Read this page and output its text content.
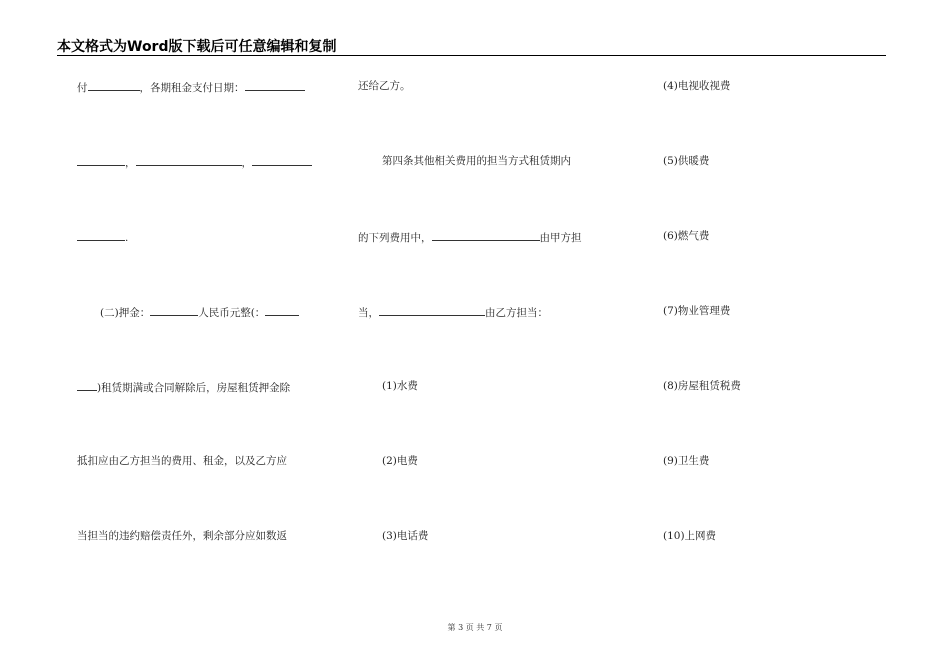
本文格式为Word版下载后可任意编辑和复制
付	，各期租金支付日期：
，	，
.
(二)押金：	人民币元整(：
)租赁期满或合同解除后，房屋租赁押金除
抵扣应由乙方担当的费用、租金，以及乙方应
当担当的违约赔偿责任外，剩余部分应如数返
还给乙方。
第四条其他相关费用的担当方式租赁期内
的下列费用中，	由甲方担
当，	由乙方担当：
(1)水费
(2)电费
(3)电话费
(4)电视收视费
(5)供暖费
(6)燃气费
(7)物业管理费
(8)房屋租赁税费
(9)卫生费
(10)上网费
第 3 页 共 7 页
